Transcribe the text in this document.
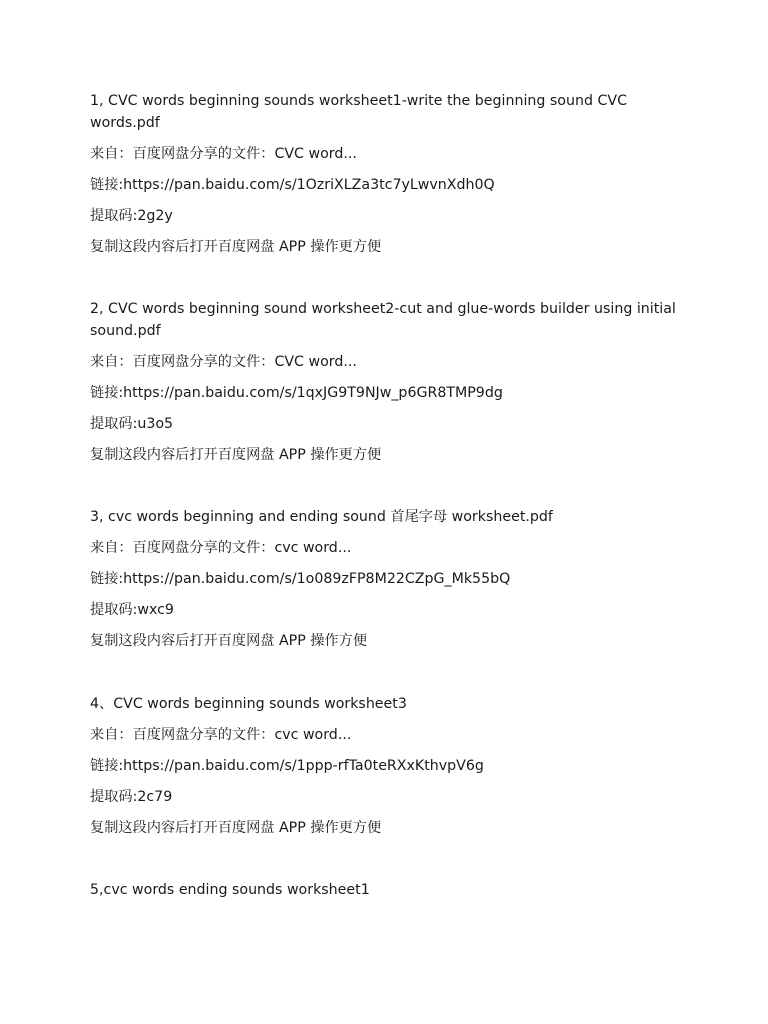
1, CVC words beginning sounds worksheet1-write the beginning sound CVC words.pdf
来自：百度网盘分享的文件：CVC word...
链接:https://pan.baidu.com/s/1OzriXLZa3tc7yLwvnXdh0Q
提取码:2g2y
复制这段内容后打开百度网盘 APP 操作更方便
2, CVC words beginning sound worksheet2-cut and glue-words builder using initial sound.pdf
来自：百度网盘分享的文件：CVC word...
链接:https://pan.baidu.com/s/1qxJG9T9NJw_p6GR8TMP9dg
提取码:u3o5
复制这段内容后打开百度网盘 APP 操作更方便
3, cvc words beginning and ending sound 首尾字母 worksheet.pdf
来自：百度网盘分享的文件：cvc word...
链接:https://pan.baidu.com/s/1o089zFP8M22CZpG_Mk55bQ
提取码:wxc9
复制这段内容后打开百度网盘 APP 操作方便
4、CVC words beginning sounds worksheet3
来自：百度网盘分享的文件：cvc word...
链接:https://pan.baidu.com/s/1ppp-rfTa0teRXxKthvpV6g
提取码:2c79
复制这段内容后打开百度网盘 APP 操作更方便
5,cvc words ending sounds worksheet1
